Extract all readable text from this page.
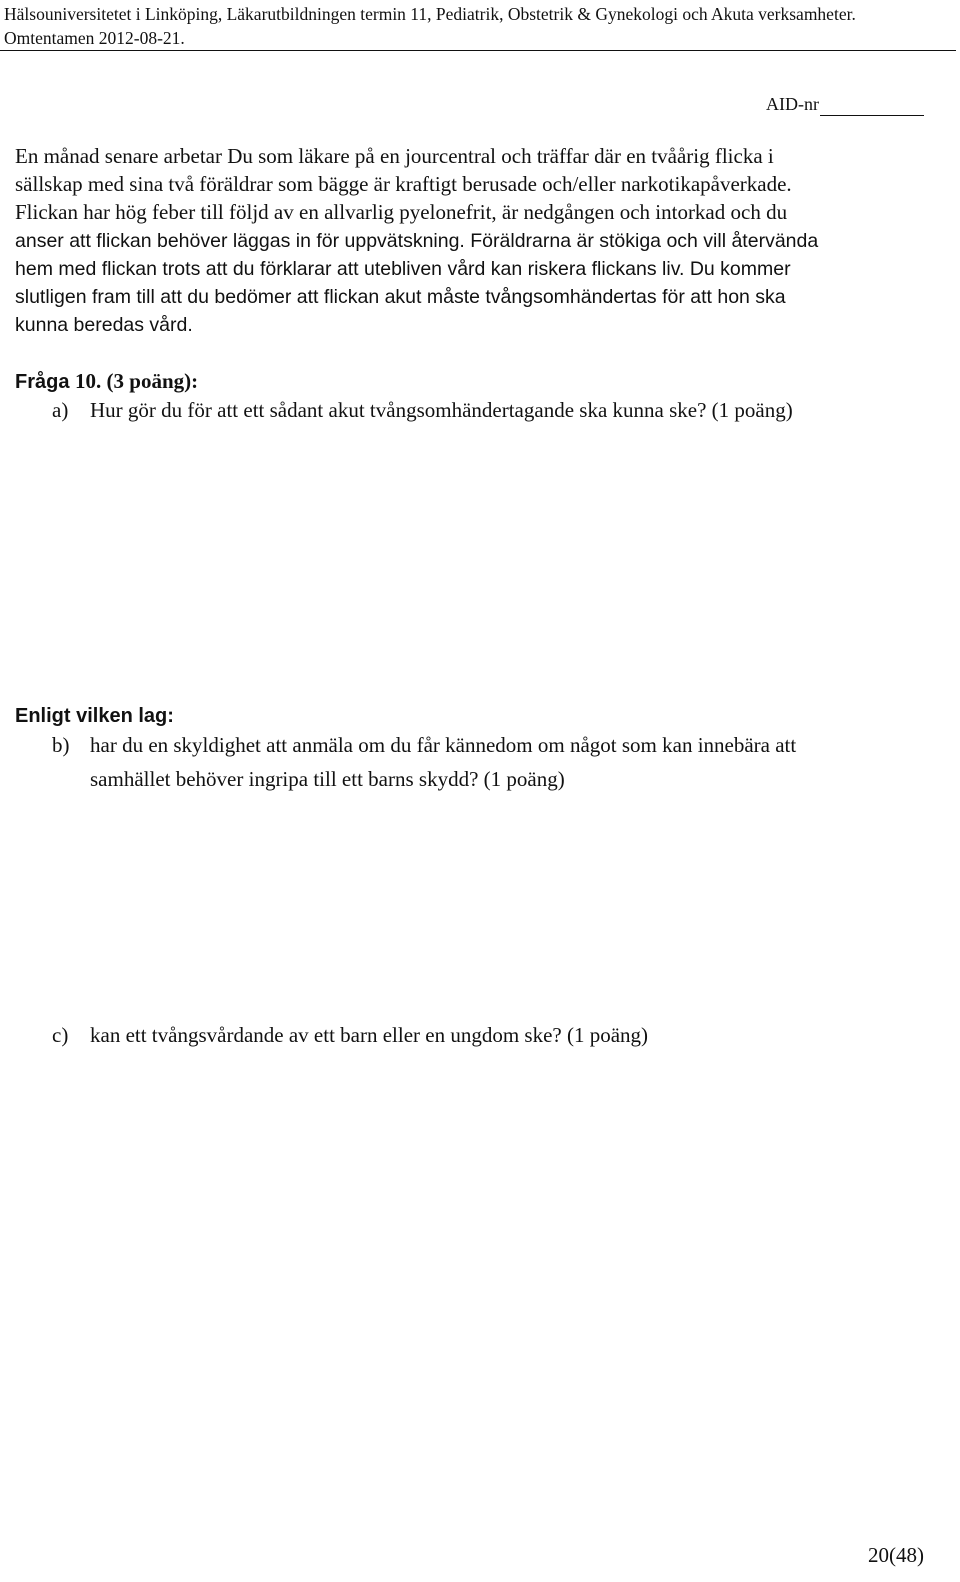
Hälsouniversitetet i Linköping, Läkarutbildningen termin 11, Pediatrik, Obstetrik & Gynekologi och Akuta verksamheter.
Omtentamen 2012-08-21.
AID-nr
En månad senare arbetar Du som läkare på en jourcentral och träffar där en tvåårig flicka i
sällskap med sina två föräldrar som bägge är kraftigt berusade och/eller narkotikapåverkade.
Flickan har hög feber till följd av en allvarlig pyelonefrit, är nedgången och intorkad och du
anser att flickan behöver läggas in för uppvätskning. Föräldrarna är stökiga och vill återvända
hem med flickan trots att du förklarar att utebliven vård kan riskera flickans liv. Du kommer
slutligen fram till att du bedömer att flickan akut måste tvångsomhändertas för att hon ska
kunna beredas vård.
Fråga 10. (3 poäng):
a) Hur gör du för att ett sådant akut tvångsomhändertagande ska kunna ske? (1 poäng)
Enligt vilken lag:
b) har du en skyldighet att anmäla om du får kännedom om något som kan innebära att
samhället behöver ingripa till ett barns skydd? (1 poäng)
c) kan ett tvångsvårdande av ett barn eller en ungdom ske? (1 poäng)
20(48)
